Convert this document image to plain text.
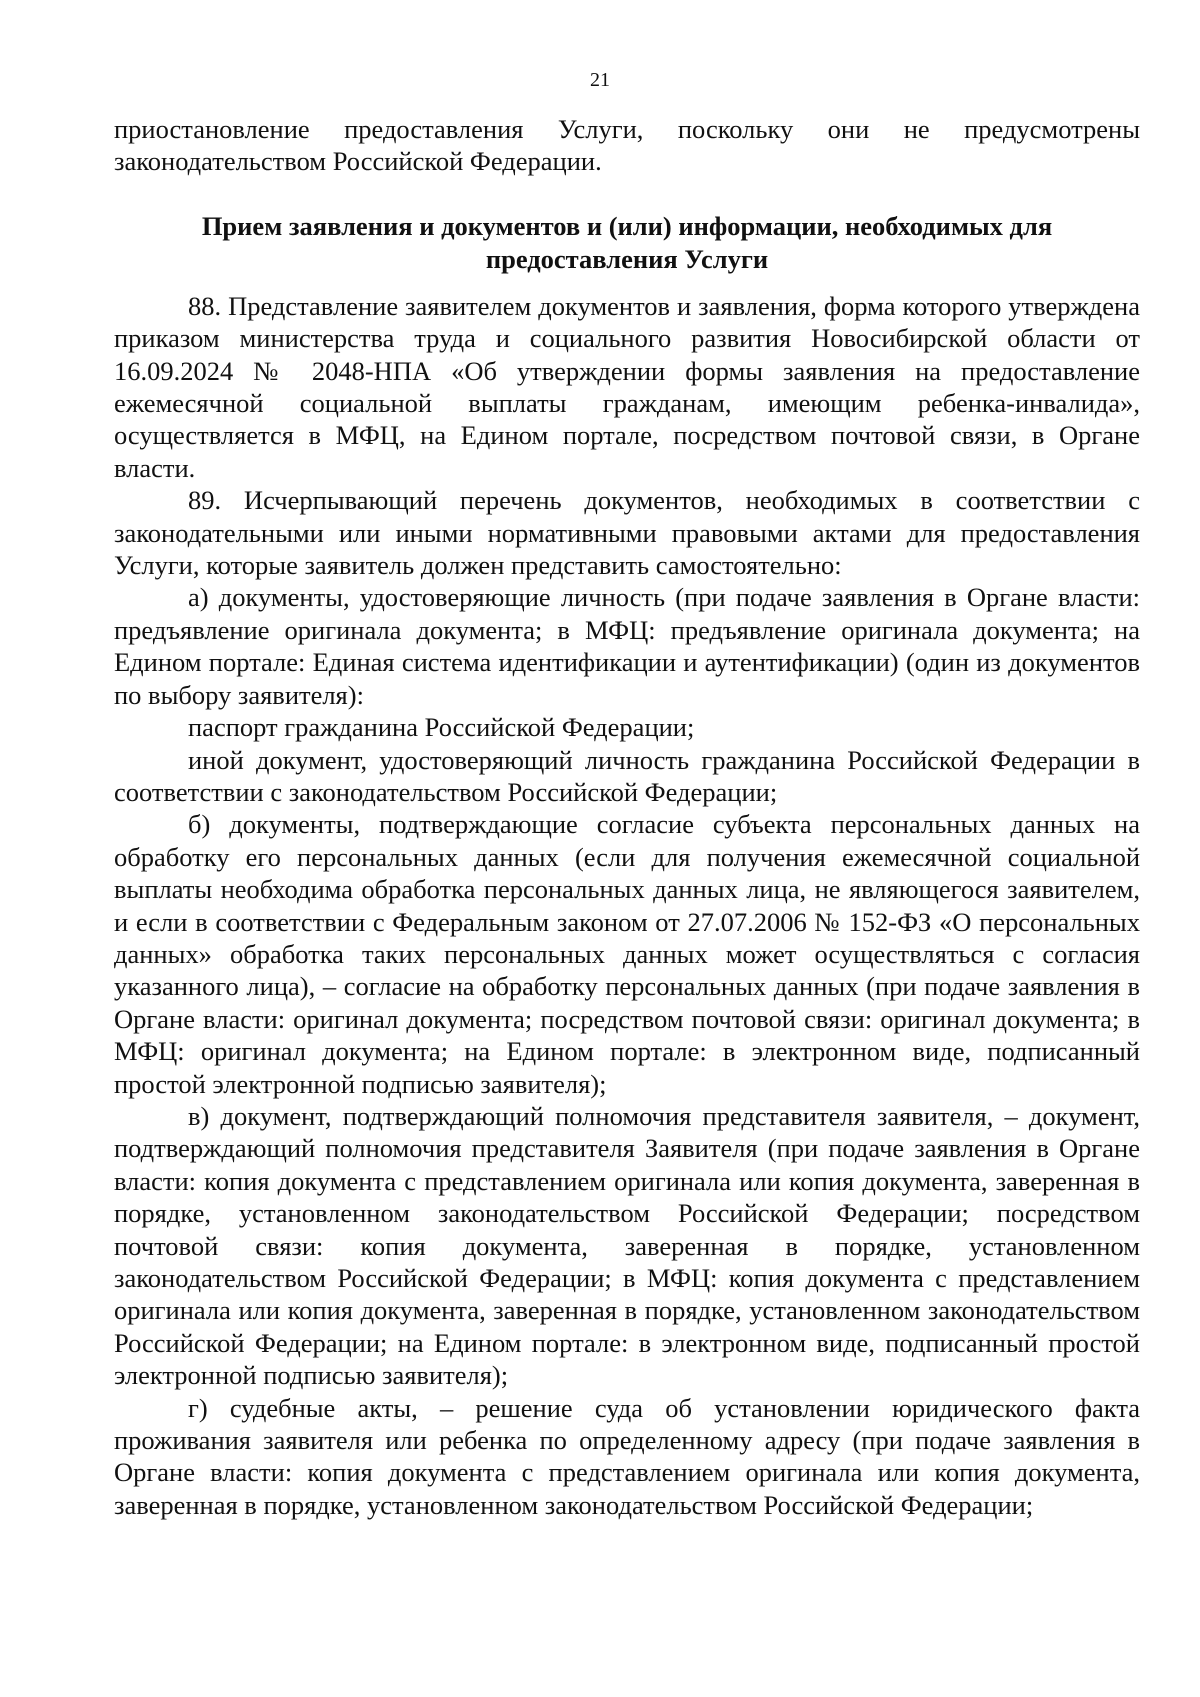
21

приостановление предоставления Услуги, поскольку они не предусмотрены законодательством Российской Федерации.

Прием заявления и документов и (или) информации, необходимых для предоставления Услуги

88. Представление заявителем документов и заявления, форма которого утверждена приказом министерства труда и социального развития Новосибирской области от 16.09.2024 № 2048-НПА «Об утверждении формы заявления на предоставление ежемесячной социальной выплаты гражданам, имеющим ребенка-инвалида», осуществляется в МФЦ, на Едином портале, посредством почтовой связи, в Органе власти.

89. Исчерпывающий перечень документов, необходимых в соответствии с законодательными или иными нормативными правовыми актами для предоставления Услуги, которые заявитель должен представить самостоятельно:

а) документы, удостоверяющие личность (при подаче заявления в Органе власти: предъявление оригинала документа; в МФЦ: предъявление оригинала документа; на Едином портале: Единая система идентификации и аутентификации) (один из документов по выбору заявителя):

паспорт гражданина Российской Федерации;

иной документ, удостоверяющий личность гражданина Российской Федерации в соответствии с законодательством Российской Федерации;

б) документы, подтверждающие согласие субъекта персональных данных на обработку его персональных данных (если для получения ежемесячной социальной выплаты необходима обработка персональных данных лица, не являющегося заявителем, и если в соответствии с Федеральным законом от 27.07.2006 № 152-ФЗ «О персональных данных» обработка таких персональных данных может осуществляться с согласия указанного лица), – согласие на обработку персональных данных (при подаче заявления в Органе власти: оригинал документа; посредством почтовой связи: оригинал документа; в МФЦ: оригинал документа; на Едином портале: в электронном виде, подписанный простой электронной подписью заявителя);

в) документ, подтверждающий полномочия представителя заявителя, – документ, подтверждающий полномочия представителя Заявителя (при подаче заявления в Органе власти: копия документа с представлением оригинала или копия документа, заверенная в порядке, установленном законодательством Российской Федерации; посредством почтовой связи: копия документа, заверенная в порядке, установленном законодательством Российской Федерации; в МФЦ: копия документа с представлением оригинала или копия документа, заверенная в порядке, установленном законодательством Российской Федерации; на Едином портале: в электронном виде, подписанный простой электронной подписью заявителя);

г) судебные акты, – решение суда об установлении юридического факта проживания заявителя или ребенка по определенному адресу (при подаче заявления в Органе власти: копия документа с представлением оригинала или копия документа, заверенная в порядке, установленном законодательством Российской Федерации;
